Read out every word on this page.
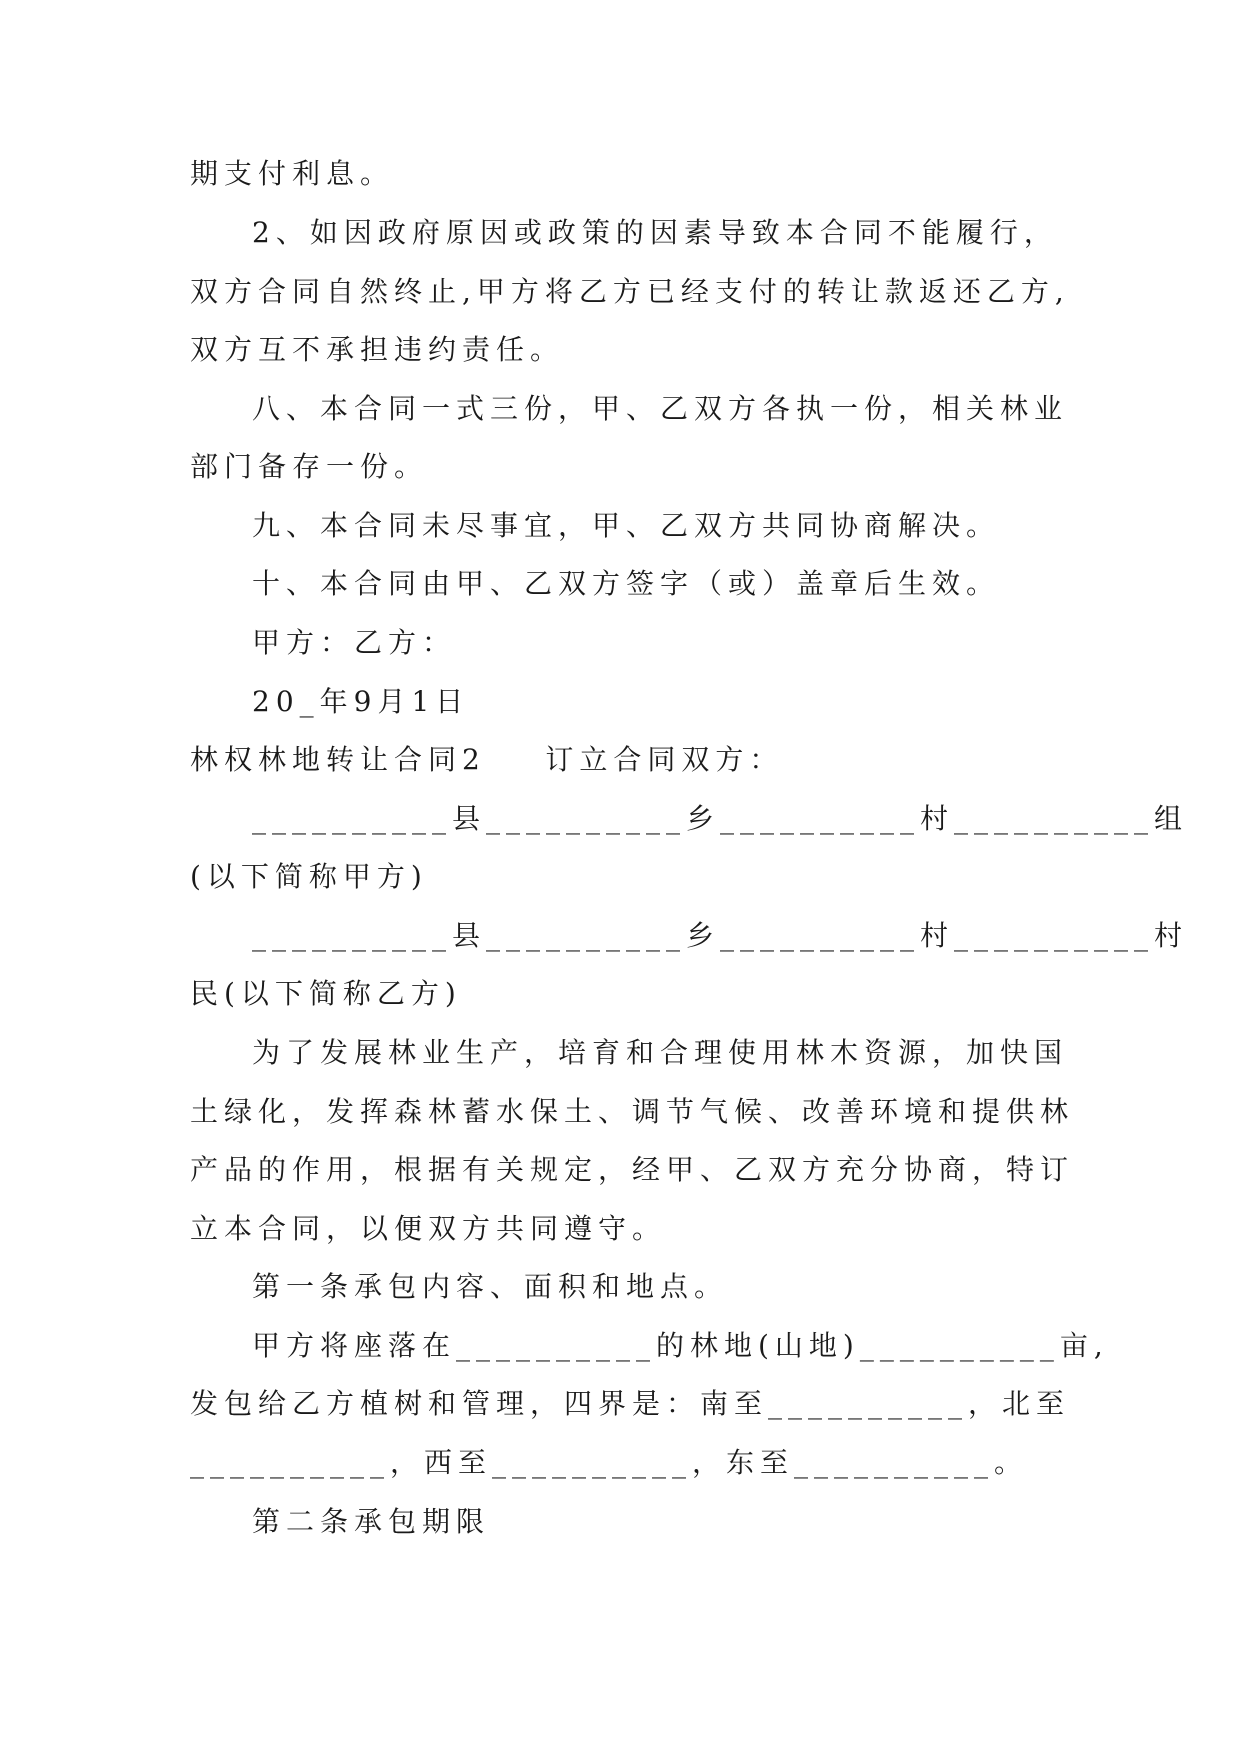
期支付利息。
2、如因政府原因或政策的因素导致本合同不能履行，
双方合同自然终止,甲方将乙方已经支付的转让款返还乙方,
双方互不承担违约责任。
八、本合同一式三份，甲、乙双方各执一份，相关林业
部门备存一份。
九、本合同未尽事宜，甲、乙双方共同协商解决。
十、本合同由甲、乙双方签字（或）盖章后生效。
甲方：乙方：
20_年9月1日
林权林地转让合同2    订立合同双方：
__________县__________乡__________村__________组
(以下简称甲方)
__________县__________乡__________村__________村
民(以下简称乙方)
为了发展林业生产，培育和合理使用林木资源，加快国
土绿化，发挥森林蓄水保土、调节气候、改善环境和提供林
产品的作用，根据有关规定，经甲、乙双方充分协商，特订
立本合同，以便双方共同遵守。
第一条承包内容、面积和地点。
甲方将座落在__________的林地(山地)__________亩,
发包给乙方植树和管理，四界是：南至__________，北至
__________，西至__________，东至__________。
第二条承包期限
